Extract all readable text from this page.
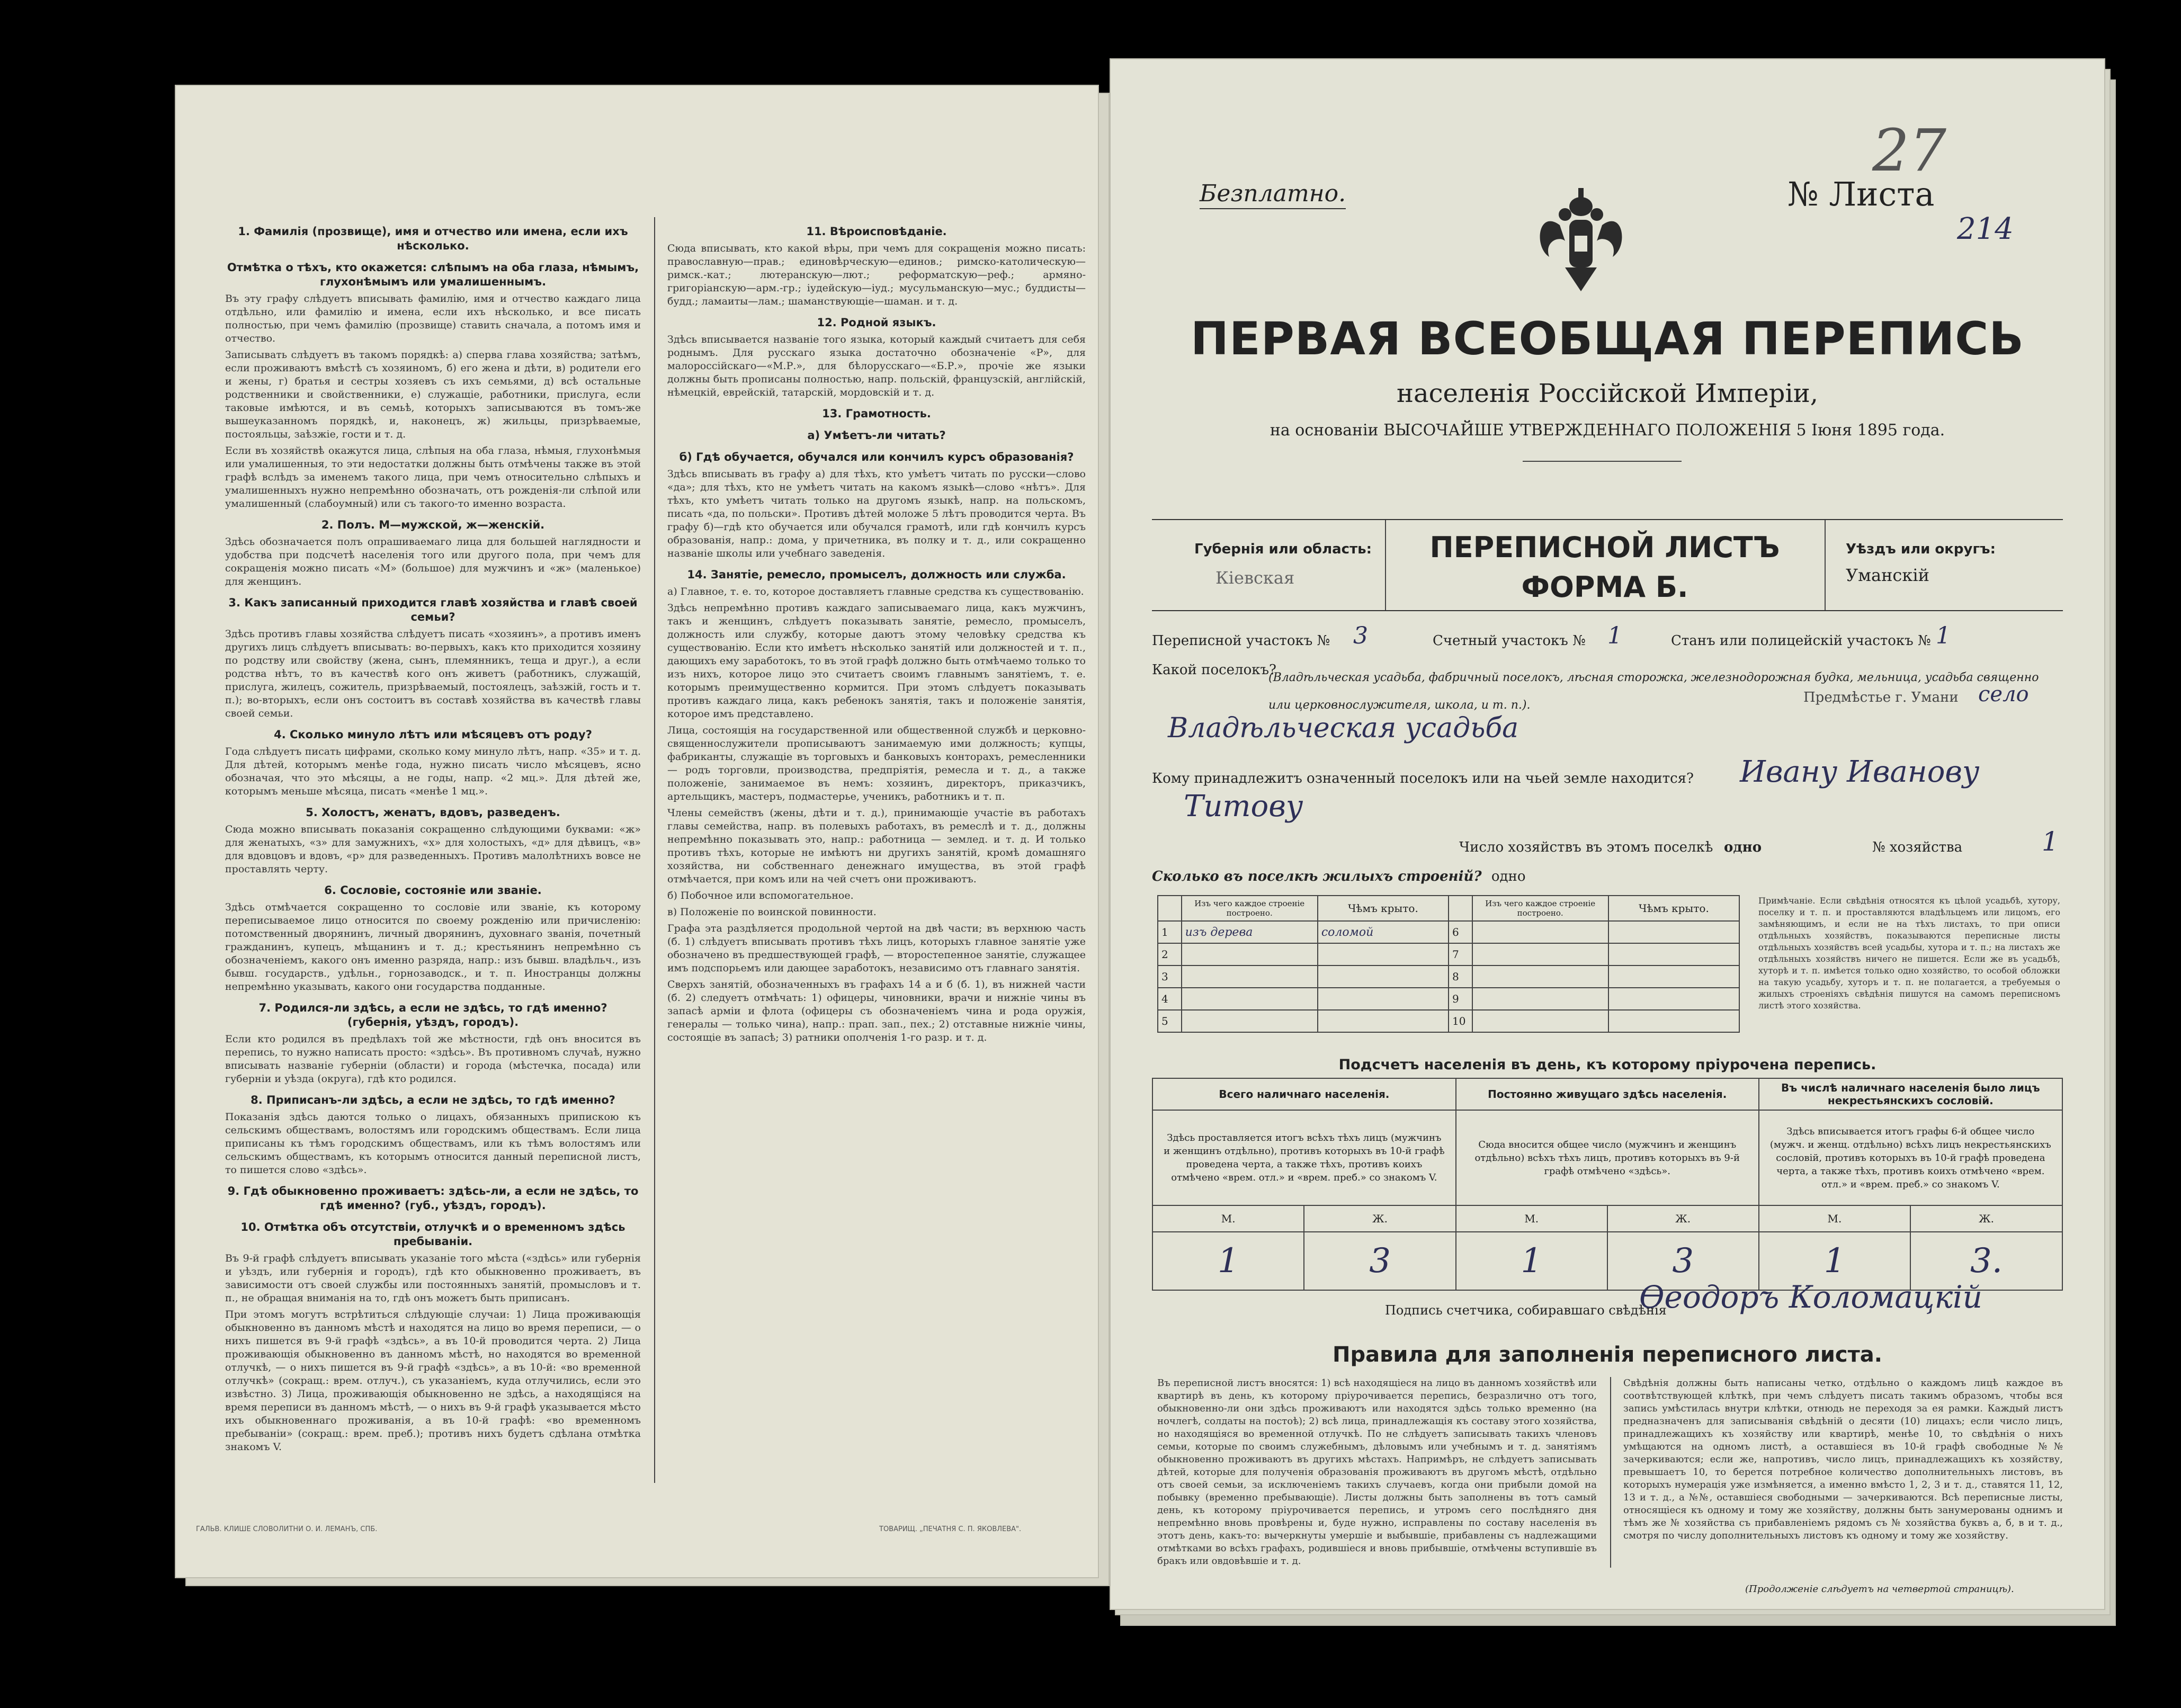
1. Фамилія (прозвище), имя и отчество или имена, если ихъ нѣсколько.
Отмѣтка о тѣхъ, кто окажется: слѣпымъ на оба глаза, нѣмымъ, глухонѣмымъ или умалишеннымъ.
Въ эту графу слѣдуетъ вписывать фамилію, имя и отчество каждаго лица отдѣльно, или фамилію и имена, если ихъ нѣсколько, и все писать полностью, при чемъ фамилію (прозвище) ставить сначала, а потомъ имя и отчество.
Записывать слѣдуетъ въ такомъ порядкѣ: а) сперва глава хозяйства; затѣмъ, если проживаютъ вмѣстѣ съ хозяиномъ, б) его жена и дѣти, в) родители его и жены, г) братья и сестры хозяевъ съ ихъ семьями, д) всѣ остальные родственники и свойственники, е) служащіе, работники, прислуга, если таковые имѣются, и въ семьѣ, которыхъ записываются въ томъ-же вышеуказанномъ порядкѣ, и, наконецъ, ж) жильцы, призрѣваемые, постояльцы, заѣзжіе, гости и т. д.
Если въ хозяйствѣ окажутся лица, слѣпыя на оба глаза, нѣмыя, глухонѣмыя или умалишенныя, то эти недостатки должны быть отмѣчены также въ этой графѣ вслѣдъ за именемъ такого лица, при чемъ относительно слѣпыхъ и умалишенныхъ нужно непремѣнно обозначать, отъ рожденія-ли слѣпой или умалишенный (слабоумный) или съ такого-то именно возраста.
2. Полъ. М—мужской, ж—женскій.
Здѣсь обозначается полъ опрашиваемаго лица для большей наглядности и удобства при подсчетѣ населенія того или другого пола, при чемъ для сокращенія можно писать «М» (большое) для мужчинъ и «ж» (маленькое) для женщинъ.
3. Какъ записанный приходится главѣ хозяйства и главѣ своей семьи?
Здѣсь противъ главы хозяйства слѣдуетъ писать «хозяинъ», а противъ именъ другихъ лицъ слѣдуетъ вписывать: во-первыхъ, какъ кто приходится хозяину по родству или свойству (жена, сынъ, племянникъ, теща и друг.), а если родства нѣтъ, то въ качествѣ кого онъ живетъ (работникъ, служащій, прислуга, жилецъ, сожитель, призрѣваемый, постоялецъ, заѣзжій, гость и т. п.); во-вторыхъ, если онъ состоитъ въ составѣ хозяйства въ качествѣ главы своей семьи.
4. Сколько минуло лѣтъ или мѣсяцевъ отъ роду?
Года слѣдуетъ писать цифрами, сколько кому минуло лѣтъ, напр. «35» и т. д. Для дѣтей, которымъ менѣе года, нужно писать число мѣсяцевъ, ясно обозначая, что это мѣсяцы, а не годы, напр. «2 мц.». Для дѣтей же, которымъ меньше мѣсяца, писать «менѣе 1 мц.».
5. Холостъ, женатъ, вдовъ, разведенъ.
Сюда можно вписывать показанія сокращенно слѣдующими буквами: «ж» для женатыхъ, «з» для замужнихъ, «х» для холостыхъ, «д» для дѣвицъ, «в» для вдовцовъ и вдовъ, «р» для разведенныхъ. Противъ малолѣтнихъ вовсе не проставлять черту.
6. Сословіе, состояніе или званіе.
Здѣсь отмѣчается сокращенно то сословіе или званіе, къ которому переписываемое лицо относится по своему рожденію или причисленію: потомственный дворянинъ, личный дворянинъ, духовнаго званія, почетный гражданинъ, купецъ, мѣщанинъ и т. д.; крестьянинъ непремѣнно съ обозначеніемъ, какого онъ именно разряда, напр.: изъ бывш. владѣльч., изъ бывш. государств., удѣльн., горнозаводск., и т. п. Иностранцы должны непремѣнно указывать, какого они государства подданные.
7. Родился-ли здѣсь, а если не здѣсь, то гдѣ именно? (губернія, уѣздъ, городъ).
Если кто родился въ предѣлахъ той же мѣстности, гдѣ онъ вносится въ перепись, то нужно написать просто: «здѣсь». Въ противномъ случаѣ, нужно вписывать названіе губерніи (области) и города (мѣстечка, посада) или губерніи и уѣзда (округа), гдѣ кто родился.
8. Приписанъ-ли здѣсь, а если не здѣсь, то гдѣ именно?
Показанія здѣсь даются только о лицахъ, обязанныхъ припискою къ сельскимъ обществамъ, волостямъ или городскимъ обществамъ. Если лица приписаны къ тѣмъ городскимъ обществамъ, или къ тѣмъ волостямъ или сельскимъ обществамъ, къ которымъ относится данный переписной листъ, то пишется слово «здѣсь».
9. Гдѣ обыкновенно проживаетъ: здѣсь-ли, а если не здѣсь, то гдѣ именно? (губ., уѣздъ, городъ).
10. Отмѣтка объ отсутствіи, отлучкѣ и о временномъ здѣсь пребываніи.
Въ 9-й графѣ слѣдуетъ вписывать указаніе того мѣста («здѣсь» или губернія и уѣздъ, или губернія и городъ), гдѣ кто обыкновенно проживаетъ, въ зависимости отъ своей службы или постоянныхъ занятій, промысловъ и т. п., не обращая вниманія на то, гдѣ онъ можетъ быть приписанъ.
При этомъ могутъ встрѣтиться слѣдующіе случаи: 1) Лица проживающія обыкновенно въ данномъ мѣстѣ и находятся на лицо во время переписи, — о нихъ пишется въ 9-й графѣ «здѣсь», а въ 10-й проводится черта. 2) Лица проживающія обыкновенно въ данномъ мѣстѣ, но находятся во временной отлучкѣ, — о нихъ пишется въ 9-й графѣ «здѣсь», а въ 10-й: «во временной отлучкѣ» (сокращ.: врем. отлуч.), съ указаніемъ, куда отлучились, если это извѣстно. 3) Лица, проживающія обыкновенно не здѣсь, а находящіяся на время переписи въ данномъ мѣстѣ, — о нихъ въ 9-й графѣ указывается мѣсто ихъ обыкновеннаго проживанія, а въ 10-й графѣ: «во временномъ пребываніи» (сокращ.: врем. преб.); противъ нихъ будетъ сдѣлана отмѣтка знакомъ V.
11. Вѣроисповѣданіе.
Сюда вписывать, кто какой вѣры, при чемъ для сокращенія можно писать: православную—прав.; единовѣрческую—единов.; римско-католическую—римск.-кат.; лютеранскую—лют.; реформатскую—реф.; армяно-григоріанскую—арм.-гр.; іудейскую—іуд.; мусульманскую—мус.; буддисты—будд.; ламаиты—лам.; шаманствующіе—шаман. и т. д.
12. Родной языкъ.
Здѣсь вписывается названіе того языка, который каждый считаетъ для себя роднымъ. Для русскаго языка достаточно обозначеніе «Р», для малороссійскаго—«М.Р.», для бѣлорусскаго—«Б.Р.», прочіе же языки должны быть прописаны полностью, напр. польскій, французскій, англійскій, нѣмецкій, еврейскій, татарскій, мордовскій и т. д.
13. Грамотность.
а) Умѣетъ-ли читать?
б) Гдѣ обучается, обучался или кончилъ курсъ образованія?
Здѣсь вписывать въ графу а) для тѣхъ, кто умѣетъ читать по русски—слово «да»; для тѣхъ, кто не умѣетъ читать на какомъ языкѣ—слово «нѣтъ». Для тѣхъ, кто умѣетъ читать только на другомъ языкѣ, напр. на польскомъ, писать «да, по польски». Противъ дѣтей моложе 5 лѣтъ проводится черта. Въ графу б)—гдѣ кто обучается или обучался грамотѣ, или гдѣ кончилъ курсъ образованія, напр.: дома, у причетника, въ полку и т. д., или сокращенно названіе школы или учебнаго заведенія.
14. Занятіе, ремесло, промыселъ, должность или служба.
а) Главное, т. е. то, которое доставляетъ главные средства къ существованію.
Здѣсь непремѣнно противъ каждаго записываемаго лица, какъ мужчинъ, такъ и женщинъ, слѣдуетъ показывать занятіе, ремесло, промыселъ, должность или службу, которые даютъ этому человѣку средства къ существованію. Если кто имѣетъ нѣсколько занятій или должностей и т. п., дающихъ ему заработокъ, то въ этой графѣ должно быть отмѣчаемо только то изъ нихъ, которое лицо это считаетъ своимъ главнымъ занятіемъ, т. е. которымъ преимущественно кормится. При этомъ слѣдуетъ показывать противъ каждаго лица, какъ ребенокъ занятія, такъ и положеніе занятія, которое имъ представлено.
Лица, состоящія на государственной или общественной службѣ и церковно-священнослужители прописываютъ занимаемую ими должность; купцы, фабриканты, служащіе въ торговыхъ и банковыхъ конторахъ, ремесленники — родъ торговли, производства, предпріятія, ремесла и т. д., а также положеніе, занимаемое въ немъ: хозяинъ, директоръ, приказчикъ, артельщикъ, мастеръ, подмастерье, ученикъ, работникъ и т. п.
Члены семействъ (жены, дѣти и т. д.), принимающіе участіе въ работахъ главы семейства, напр. въ полевыхъ работахъ, въ ремеслѣ и т. д., должны непремѣнно показывать это, напр.: работница — землед. и т. д. И только противъ тѣхъ, которые не имѣютъ ни другихъ занятій, кромѣ домашняго хозяйства, ни собственнаго денежнаго имущества, въ этой графѣ отмѣчается, при комъ или на чей счетъ они проживаютъ.
б) Побочное или вспомогательное.
в) Положеніе по воинской повинности.
Графа эта раздѣляется продольной чертой на двѣ части; въ верхнюю часть (б. 1) слѣдуетъ вписывать противъ тѣхъ лицъ, которыхъ главное занятіе уже обозначено въ предшествующей графѣ, — второстепенное занятіе, служащее имъ подспорьемъ или дающее заработокъ, независимо отъ главнаго занятія.
Сверхъ занятій, обозначенныхъ въ графахъ 14 а и б (б. 1), въ нижней части (б. 2) следуетъ отмѣчать: 1) офицеры, чиновники, врачи и нижніе чины въ запасѣ армiи и флота (офицеры съ обозначеніемъ чина и рода оружія, генералы — только чина), напр.: прап. зап., пех.; 2) отставные нижніе чины, состоящіе въ запасѣ; 3) ратники ополченія 1-го разр. и т. д.
ГАЛЬВ. КЛИШЕ СЛОВОЛИТНИ О. И. ЛЕМАНЪ, СПБ.	ТОВАРИЩ. „ПЕЧАТНЯ С. П. ЯКОВЛЕВА".
Безплатно.	№ Листа
214
27
ПЕРВАЯ ВСЕОБЩАЯ ПЕРЕПИСЬ
населенія Россійской Имперіи,
на основаніи ВЫСОЧАЙШЕ УТВЕРЖДЕННАГО ПОЛОЖЕНІЯ 5 Іюня 1895 года.
Губернія или область:
Кіевская
ПЕРЕПИСНОЙ ЛИСТЪ
ФОРМА Б.
Уѣздъ или округъ:
Уманскій
Переписной участокъ № 3	Счетный участокъ № 1	Станъ или полицейскій участокъ № 1
Какой поселокъ?
(Владѣльческая усадьба, фабричный поселокъ, лѣсная сторожка, железнодорожная будка, мельница, усадьба священно или церковнослужителя, школа, и т. п.).	Предмѣстье г. Умани село
Владѣльческая усадьба
Кому принадлежитъ означенный поселокъ или на чьей земле находится? Ивану Иванову
Титову
Число хозяйствъ въ этомъ поселкѣ одно	№ хозяйства	1
Сколько въ поселкѣ жилыхъ строеній? одно
	Изъ чего каждое строеніе построено.	Чѣмъ крыто.		Изъ чего каждое строеніе построено.	Чѣмъ крыто.
1	изъ дерева	соломой	6		
2			7		
3			8		
4			9		
5			10		
Примѣчаніе. Если свѣдѣнія относятся къ цѣлой усадьбѣ, хутору, поселку и т. п. и проставляются владѣльцемъ или лицомъ, его замѣняющимъ, и если не на тѣхъ листахъ, то при описи отдѣльныхъ хозяйствъ, показываются переписные листы отдѣльныхъ хозяйствъ всей усадьбы, хутора и т. п.; на листахъ же отдѣльныхъ хозяйствъ ничего не пишется. Если же въ усадьбѣ, хуторѣ и т. п. имѣется только одно хозяйство, то особой обложки на такую усадьбу, хуторъ и т. п. не полагается, а требуемыя о жилыхъ строеніяхъ свѣдѣнія пишутся на самомъ переписномъ листѣ этого хозяйства.
Подсчетъ населенія въ день, къ которому пріурочена перепись.
Всего наличнаго населенія.		Постоянно живущаго здѣсь населенія.		Въ числѣ наличнаго населенія было лицъ некрестьянскихъ сословій.	
Здѣсь проставляется итогъ всѣхъ тѣхъ лицъ (мужчинъ и женщинъ отдѣльно), противъ которыхъ въ 10-й графѣ проведена черта, а также тѣхъ, противъ коихъ отмѣчено «врем. отл.» и «врем. преб.» со знакомъ V.		Сюда вносится общее число (мужчинъ и женщинъ отдѣльно) всѣхъ тѣхъ лицъ, противъ которыхъ въ 9-й графѣ отмѣчено «здѣсь».		Здѣсь вписывается итогъ графы 6-й общее число (мужч. и женщ. отдѣльно) всѣхъ лицъ некрестьянскихъ сословій, противъ которыхъ въ 10-й графѣ проведена черта, а также тѣхъ, противъ коихъ отмѣчено «врем. отл.» и «врем. преб.» со знакомъ V.	
М.	Ж.	М.	Ж.	М.	Ж.
1	3	1	3	1	3.
Подпись счетчика, собиравшаго свѣдѣнія
Ѳеодоръ Коломацкій
Правила для заполненія переписного листа.
Въ переписной листъ вносятся: 1) всѣ находящіеся на лицо въ данномъ хозяйствѣ или квартирѣ въ день, къ которому пріурочивается перепись, безразлично отъ того, обыкновенно-ли они здѣсь проживаютъ или находятся здѣсь только временно (на ночлегѣ, солдаты на постоѣ); 2) всѣ лица, принадлежащія къ составу этого хозяйства, но находящіяся во временной отлучкѣ. По не слѣдуетъ записывать такихъ членовъ семьи, которые по своимъ служебнымъ, дѣловымъ или учебнымъ и т. д. занятіямъ обыкновенно проживаютъ въ другихъ мѣстахъ. Напримѣръ, не слѣдуетъ записывать дѣтей, которые для полученія образованія проживаютъ въ другомъ мѣстѣ, отдѣльно отъ своей семьи, за исключеніемъ такихъ случаевъ, когда они прибыли домой на побывку (временно пребывающіе). Листы должны быть заполнены въ тотъ самый день, къ которому пріурочивается перепись, и утромъ сего послѣдняго дня непремѣнно вновь провѣрены и, буде нужно, исправлены по составу населенія въ этотъ день, какъ-то: вычеркнуты умершіе и выбывшіе, прибавлены съ надлежащими отмѣтками во всѣхъ графахъ, родившіеся и вновь прибывшіе, отмѣчены вступившіе въ бракъ или овдовѣвшіе и т. д.
Свѣдѣнія должны быть написаны четко, отдѣльно о каждомъ лицѣ каждое въ соотвѣтствующей клѣткѣ, при чемъ слѣдуетъ писать такимъ образомъ, чтобы вся запись умѣстилась внутри клѣтки, отнюдь не переходя за ея рамки. Каждый листъ предназначенъ для записыванія свѣдѣній о десяти (10) лицахъ; если число лицъ, принадлежащихъ къ хозяйству или квартирѣ, менѣе 10, то свѣдѣнія о нихъ умѣщаются на одномъ листѣ, а оставшіеся въ 10-й графѣ свободные №№ зачеркиваются; если же, напротивъ, число лицъ, принадлежащихъ къ хозяйству, превышаетъ 10, то берется потребное количество дополнительныхъ листовъ, въ которыхъ нумерація уже измѣняется, а именно вмѣсто 1, 2, 3 и т. д., ставятся 11, 12, 13 и т. д., а №№, оставшіеся свободными — зачеркиваются. Всѣ переписные листы, относящіеся къ одному и тому же хозяйству, должны быть занумерованы однимъ и тѣмъ же № хозяйства съ прибавленіемъ рядомъ съ № хозяйства буквъ а, б, в и т. д., смотря по числу дополнительныхъ листовъ къ одному и тому же хозяйству.
(Продолженіе слѣдуетъ на четвертой страницѣ).
